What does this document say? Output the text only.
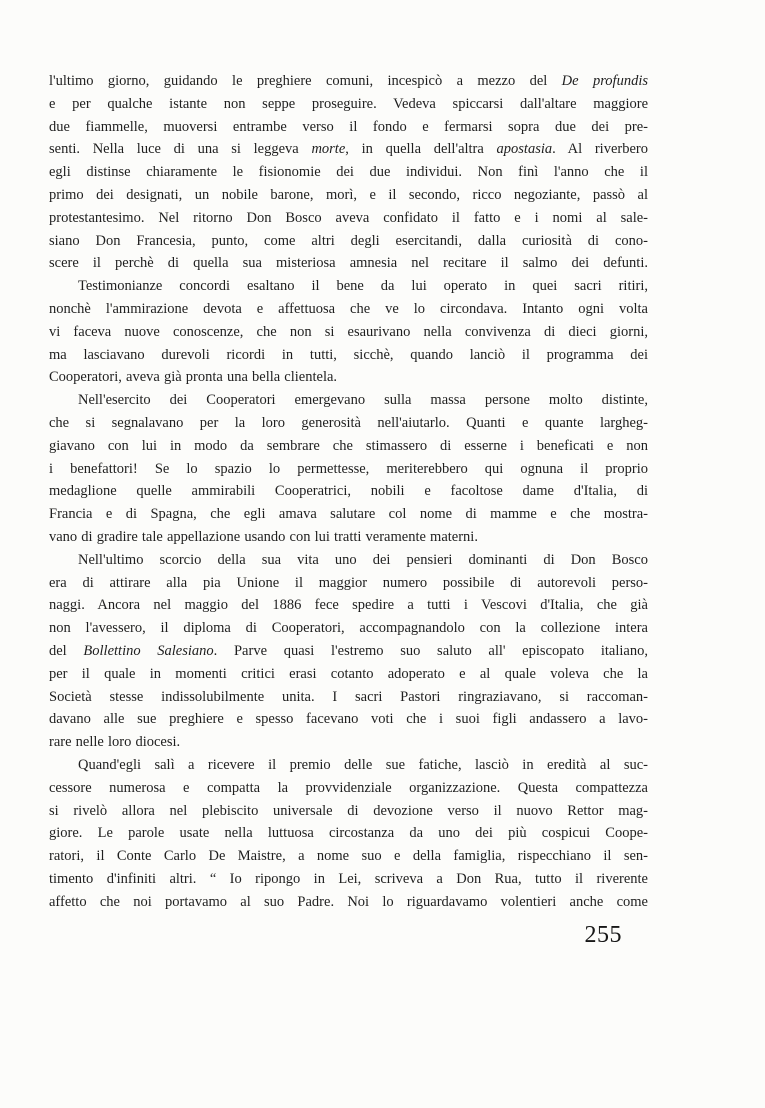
l'ultimo giorno, guidando le preghiere comuni, incespicò a mezzo del De profundis
e per qualche istante non seppe proseguire. Vedeva spiccarsi dall'altare maggiore
due fiammelle, muoversi entrambe verso il fondo e fermarsi sopra due dei pre-
senti. Nella luce di una si leggeva morte, in quella dell'altra apostasia. Al riverbero
egli distinse chiaramente le fisionomie dei due individui. Non finì l'anno che il
primo dei designati, un nobile barone, morì, e il secondo, ricco negoziante, passò al
protestantesimo. Nel ritorno Don Bosco aveva confidato il fatto e i nomi al sale-
siano Don Francesia, punto, come altri degli esercitandi, dalla curiosità di cono-
scere il perchè di quella sua misteriosa amnesia nel recitare il salmo dei defunti.
Testimonianze concordi esaltano il bene da lui operato in quei sacri ritiri,
nonchè l'ammirazione devota e affettuosa che ve lo circondava. Intanto ogni volta
vi faceva nuove conoscenze, che non si esaurivano nella convivenza di dieci giorni,
ma lasciavano durevoli ricordi in tutti, sicchè, quando lanciò il programma dei
Cooperatori, aveva già pronta una bella clientela.
Nell'esercito dei Cooperatori emergevano sulla massa persone molto distinte,
che si segnalavano per la loro generosità nell'aiutarlo. Quanti e quante largheg-
giavano con lui in modo da sembrare che stimassero di esserne i beneficati e non
i benefattori! Se lo spazio lo permettesse, meriterebbero qui ognuna il proprio
medaglione quelle ammirabili Cooperatrici, nobili e facoltose dame d'Italia, di
Francia e di Spagna, che egli amava salutare col nome di mamme e che mostra-
vano di gradire tale appellazione usando con lui tratti veramente materni.
Nell'ultimo scorcio della sua vita uno dei pensieri dominanti di Don Bosco
era di attirare alla pia Unione il maggior numero possibile di autorevoli perso-
naggi. Ancora nel maggio del 1886 fece spedire a tutti i Vescovi d'Italia, che già
non l'avessero, il diploma di Cooperatori, accompagnandolo con la collezione intera
del Bollettino Salesiano. Parve quasi l'estremo suo saluto all' episcopato italiano,
per il quale in momenti critici erasi cotanto adoperato e al quale voleva che la
Società stesse indissolubilmente unita. I sacri Pastori ringraziavano, si raccoman-
davano alle sue preghiere e spesso facevano voti che i suoi figli andassero a lavo-
rare nelle loro diocesi.
Quand'egli salì a ricevere il premio delle sue fatiche, lasciò in eredità al suc-
cessore numerosa e compatta la provvidenziale organizzazione. Questa compattezza
si rivelò allora nel plebiscito universale di devozione verso il nuovo Rettor mag-
giore. Le parole usate nella luttuosa circostanza da uno dei più cospicui Coope-
ratori, il Conte Carlo De Maistre, a nome suo e della famiglia, rispecchiano il sen-
timento d'infiniti altri. “ Io ripongo in Lei, scriveva a Don Rua, tutto il riverente
affetto che noi portavamo al suo Padre. Noi lo riguardavamo volentieri anche come
255
